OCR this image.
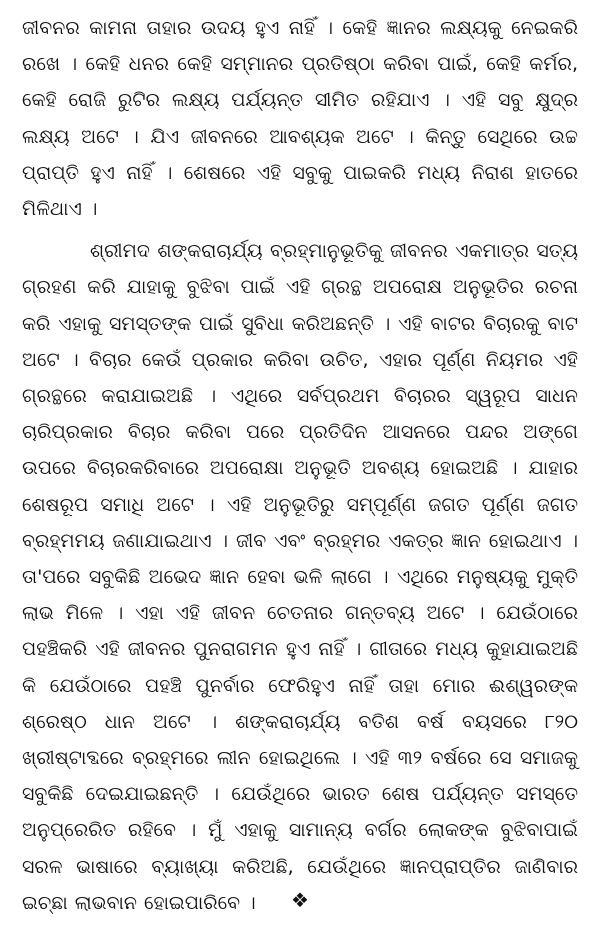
ଜୀବନର କାମନା ତାହାର ଉଦୟ ହୁଏ ନାହିଁ । କେହି ଜ୍ଞାନର ଲକ୍ଷ୍ୟକୁ ନେଇକରି ରଖେ । କେହି ଧନର କେହି ସମ୍ମାନର ପ୍ରତିଷ୍ଠା କରିବା ପାଇଁ, କେହି କର୍ମର, କେହି ରୋଜି ରୁଟିର ଲକ୍ଷ୍ୟ ପର୍ଯ୍ୟନ୍ତ ସୀମିତ ରହିଯାଏ । ଏହି ସବୁ କ୍ଷୁଦ୍ର ଲକ୍ଷ୍ୟ ଅଟେ । ଯିଏ ଜୀବନରେ ଆବଶ୍ୟକ ଅଟେ । କିନ୍ତୁ ସେଥିରେ ଉଚ୍ଚ ପ୍ରାପ୍ତି ହୁଏ ନାହିଁ । ଶେଷରେ ଏହି ସବୁକୁ ପାଇକରି ମଧ୍ୟ ନିରାଶ ହାତରେ ମିଳିଥାଏ ।

ଶ୍ରୀମଦ ଶଙ୍କରାଚାର୍ଯ୍ୟ ବ୍ରହ୍ମାନୁଭୂତିକୁ ଜୀବନର ଏକମାତ୍ର ସତ୍ୟ ଗ୍ରହଣ କରି ଯାହାକୁ ବୁଝିବା ପାଇଁ ଏହି ଗ୍ରନ୍ଥ ଅପରୋକ୍ଷ ଅନୁଭୂତିର ରଚନା କରି ଏହାକୁ ସମସ୍ତଙ୍କ ପାଇଁ ସୁବିଧା କରିଅଛନ୍ତି । ଏହି ବାଟର ବିଚାରକୁ ବାଟ ଅଟେ । ବିଚାର କେଉଁ ପ୍ରକାର କରିବା ଉଚିତ, ଏହାର ପୂର୍ଣ୍ଣ ନିୟମର ଏହି ଗ୍ରନ୍ଥରେ କରାଯାଇଅଛି । ଏଥିରେ ସର୍ବପ୍ରଥମ ବିଚାରର ସ୍ୱରୂପ ସାଧନ ଚାରିପ୍ରକାର ବିଚାର କରିବା ପରେ ପ୍ରତିଦିନ ଆସନରେ ପନ୍ଦର ଅଙ୍ଗେ ଉପରେ ବିଚାରକରିବାରେ ଅପରୋକ୍ଷା ଅନୁଭୂତି ଅବଶ୍ୟ ହୋଇଅଛି । ଯାହାର ଶେଷରୂପ ସମାଧି ଅଟେ । ଏହି ଅନୁଭୂତିରୁ ସମ୍ପୂର୍ଣ୍ଣ ଜଗତ ପୂର୍ଣ୍ଣ ଜଗତ ବ୍ରହ୍ମମୟ ଜଣାଯାଇଥାଏ । ଜୀବ ଏବଂ ବ୍ରହ୍ମର ଏକତ୍ର ଜ୍ଞାନ ହୋଇଥାଏ । ତା'ପରେ ସବୁକିଛି ଅଭେଦ ଜ୍ଞାନ ହେବା ଭଳି ଲାଗେ । ଏଥିରେ ମନୁଷ୍ୟକୁ ମୁକ୍ତି ଲାଭ ମିଳେ । ଏହା ଏହି ଜୀବନ ଚେତନାର ଗନ୍ତବ୍ୟ ଅଟେ । ଯେଉଁଠାରେ ପହଞ୍ଚିକରି ଏହି ଜୀବନର ପୁନରାଗମନ ହୁଏ ନାହିଁ । ଗୀତାରେ ମଧ୍ୟ କୁହାଯାଇଅଛି କି ଯେଉଁଠାରେ ପହଞ୍ଚି ପୁନର୍ବାର ଫେରିହୁଏ ନାହିଁ ତାହା ମୋର ଈଶ୍ୱରଙ୍କ ଶ୍ରେଷ୍ଠ ଧାନ ଅଟେ । ଶଙ୍କରାଚାର୍ଯ୍ୟ ବତିଶ ବର୍ଷ ବୟସରେ ୮୨୦ ଖ୍ରୀଷ୍ଟାବ୍ଦରେ ବ୍ରହ୍ମରେ ଲୀନ ହୋଇଥିଲେ । ଏହି ୩୨ ବର୍ଷରେ ସେ ସମାଜକୁ ସବୁକିଛି ଦେଇଯାଇଛନ୍ତି । ଯେଉଁଥିରେ ଭାରତ ଶେଷ ପର୍ଯ୍ୟନ୍ତ ସମସ୍ତେ ଅନୁପ୍ରେରିତ ରହିବେ । ମୁଁ ଏହାକୁ ସାମାନ୍ୟ ବର୍ଗର ଲୋକଙ୍କ ବୁଝିବାପାଇଁ ସରଳ ଭାଷାରେ ବ୍ୟାଖ୍ୟା କରିଅଛି, ଯେଉଁଥିରେ ଜ୍ଞାନପ୍ରାପ୍ତିର ଜାଣିବାର ଇଚ୍ଛା ଲାଭବାନ ହୋଇପାରିବେ ।	❖
